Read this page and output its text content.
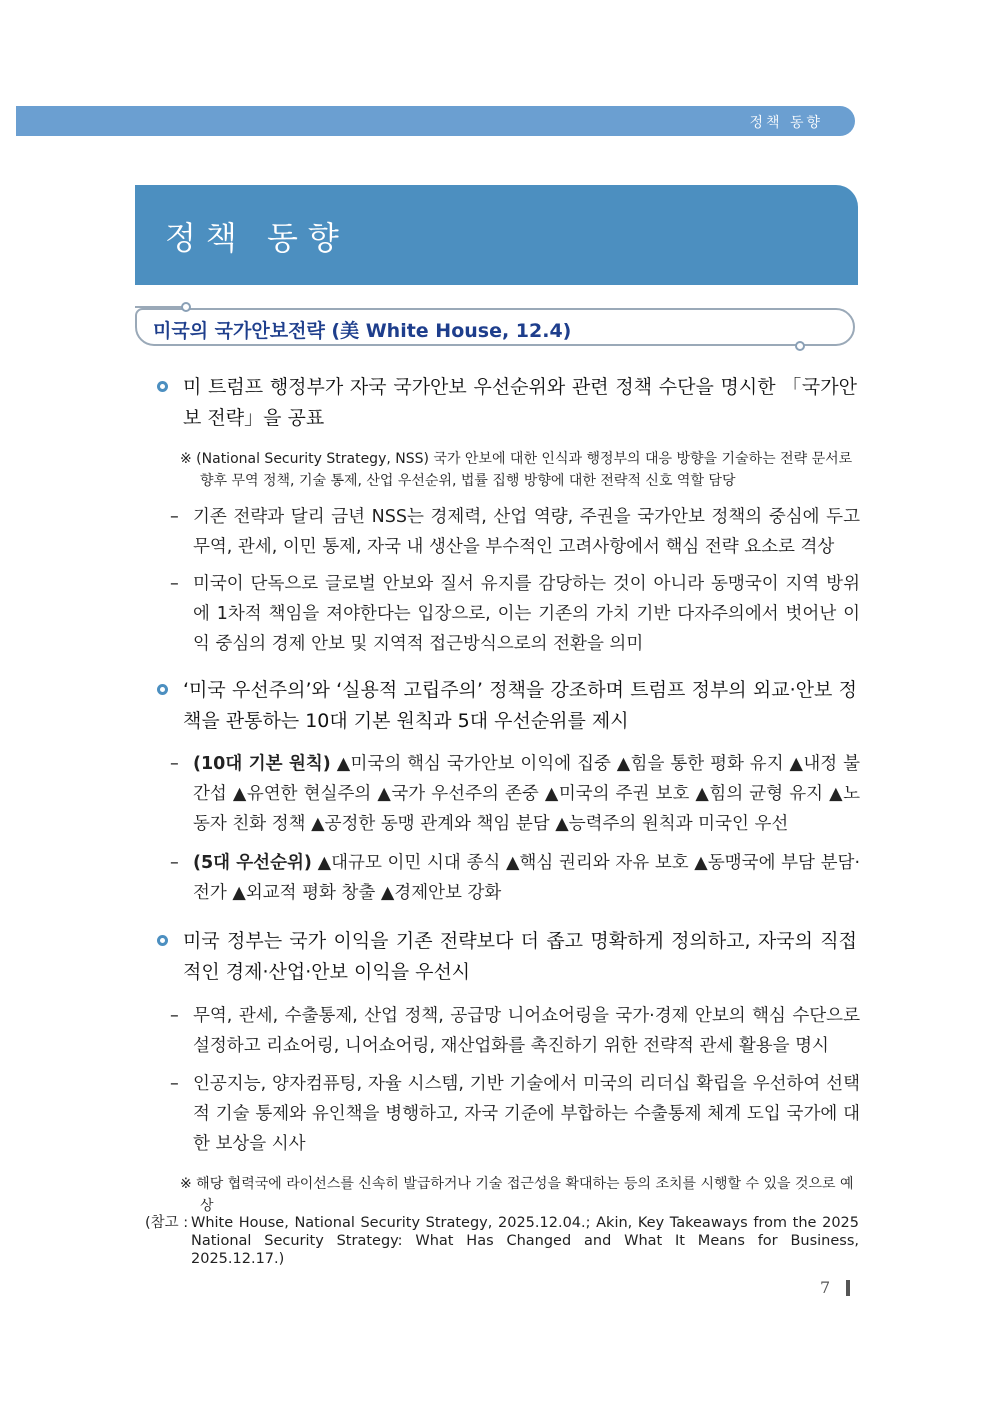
정책 동향
정책 동향
미국의 국가안보전략 (美 White House, 12.4)
미 트럼프 행정부가 자국 국가안보 우선순위와 관련 정책 수단을 명시한 「국가안보 전략」을 공표
※ (National Security Strategy, NSS) 국가 안보에 대한 인식과 행정부의 대응 방향을 기술하는 전략 문서로 향후 무역 정책, 기술 통제, 산업 우선순위, 법률 집행 방향에 대한 전략적 신호 역할 담당
– 기존 전략과 달리 금년 NSS는 경제력, 산업 역량, 주권을 국가안보 정책의 중심에 두고 무역, 관세, 이민 통제, 자국 내 생산을 부수적인 고려사항에서 핵심 전략 요소로 격상
– 미국이 단독으로 글로벌 안보와 질서 유지를 감당하는 것이 아니라 동맹국이 지역 방위에 1차적 책임을 져야한다는 입장으로, 이는 기존의 가치 기반 다자주의에서 벗어난 이익 중심의 경제 안보 및 지역적 접근방식으로의 전환을 의미
‘미국 우선주의’와 ‘실용적 고립주의’ 정책을 강조하며 트럼프 정부의 외교·안보 정책을 관통하는 10대 기본 원칙과 5대 우선순위를 제시
– (10대 기본 원칙) ▲미국의 핵심 국가안보 이익에 집중 ▲힘을 통한 평화 유지 ▲내정 불간섭 ▲유연한 현실주의 ▲국가 우선주의 존중 ▲미국의 주권 보호 ▲힘의 균형 유지 ▲노동자 친화 정책 ▲공정한 동맹 관계와 책임 분담 ▲능력주의 원칙과 미국인 우선
– (5대 우선순위) ▲대규모 이민 시대 종식 ▲핵심 권리와 자유 보호 ▲동맹국에 부담 분담·전가 ▲외교적 평화 창출 ▲경제안보 강화
미국 정부는 국가 이익을 기존 전략보다 더 좁고 명확하게 정의하고, 자국의 직접적인 경제·산업·안보 이익을 우선시
– 무역, 관세, 수출통제, 산업 정책, 공급망 니어쇼어링을 국가·경제 안보의 핵심 수단으로 설정하고 리쇼어링, 니어쇼어링, 재산업화를 촉진하기 위한 전략적 관세 활용을 명시
– 인공지능, 양자컴퓨팅, 자율 시스템, 기반 기술에서 미국의 리더십 확립을 우선하여 선택적 기술 통제와 유인책을 병행하고, 자국 기준에 부합하는 수출통제 체계 도입 국가에 대한 보상을 시사
※ 해당 협력국에 라이선스를 신속히 발급하거나 기술 접근성을 확대하는 등의 조치를 시행할 수 있을 것으로 예상
(참고 : White House, National Security Strategy, 2025.12.04.; Akin, Key Takeaways from the 2025 National Security Strategy: What Has Changed and What It Means for Business, 2025.12.17.)
7
